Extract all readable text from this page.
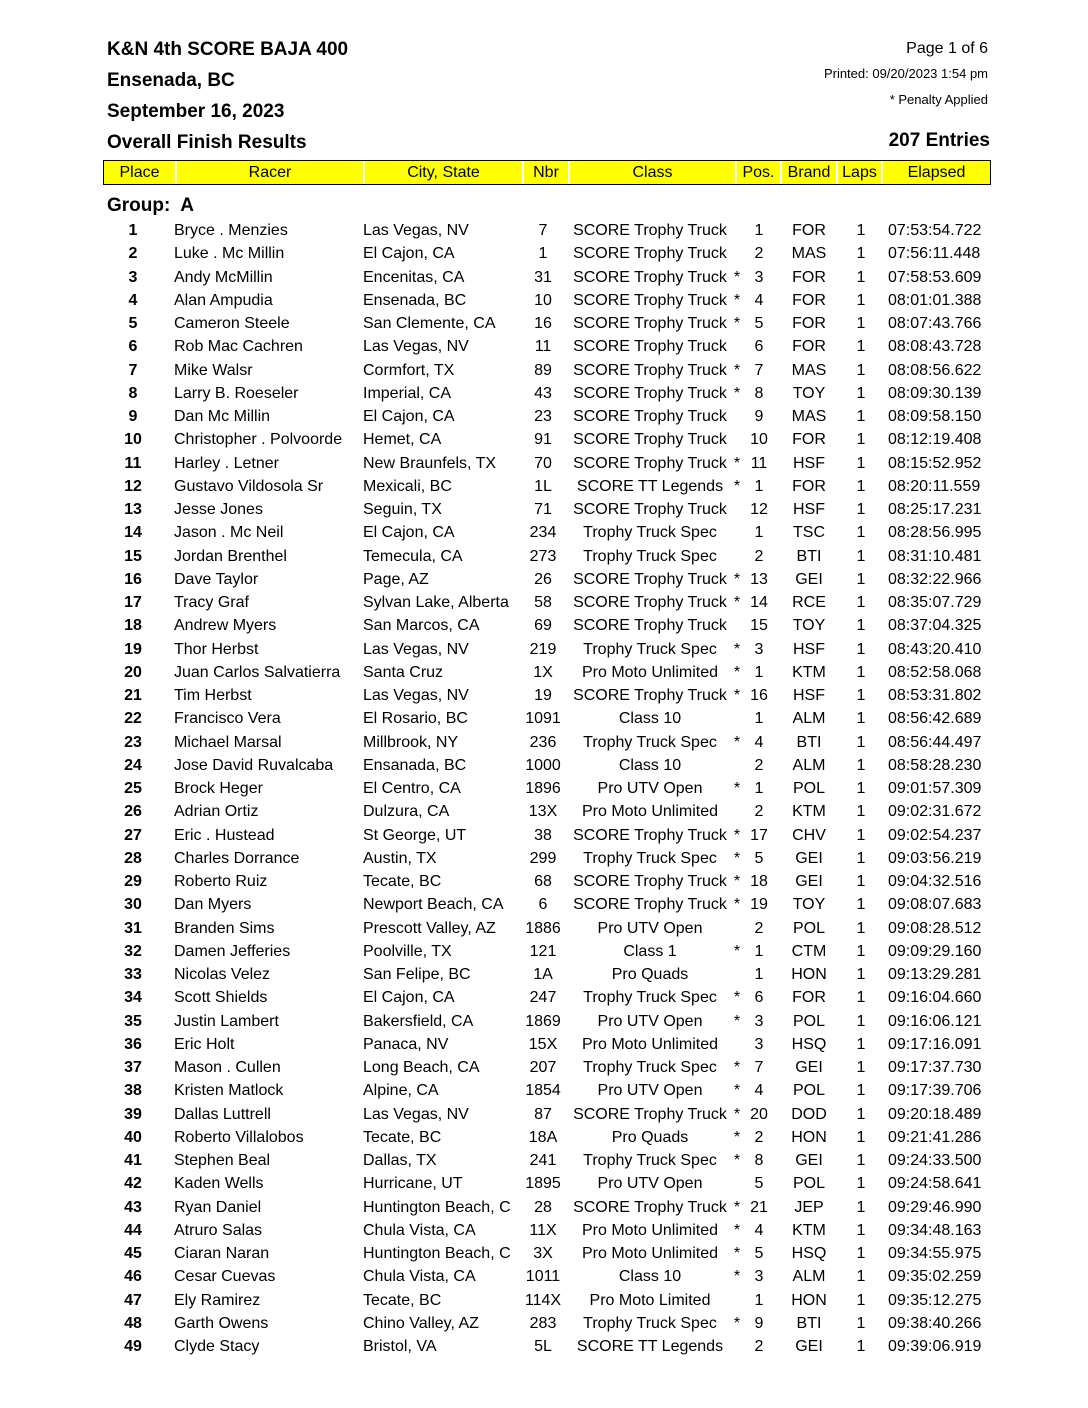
K&N 4th SCORE BAJA 400
Ensenada, BC
September 16, 2023
Overall Finish Results
Page 1 of 6
Printed: 09/20/2023 1:54 pm
* Penalty Applied
207 Entries
Place	Racer	City, State	Nbr	Class	Pos. Brand Laps	Elapsed
Group: A
1	Bryce . Menzies	Las Vegas, NV	7	SCORE Trophy Truck	1	FOR	1	07:53:54.722
2	Luke . Mc Millin	El Cajon, CA	1	SCORE Trophy Truck	2	MAS	1	07:56:11.448
3	Andy McMillin	Encenitas, CA	31	SCORE Trophy Truck * 3	FOR	1	07:58:53.609
4	Alan Ampudia	Ensenada, BC	10	SCORE Trophy Truck * 4	FOR	1	08:01:01.388
5	Cameron Steele	San Clemente, CA	16	SCORE Trophy Truck * 5	FOR	1	08:07:43.766
6	Rob Mac Cachren	Las Vegas, NV	11	SCORE Trophy Truck	6	FOR	1	08:08:43.728
7	Mike Walsr	Cormfort, TX	89	SCORE Trophy Truck * 7	MAS	1	08:08:56.622
8	Larry B. Roeseler	Imperial, CA	43	SCORE Trophy Truck * 8	TOY	1	08:09:30.139
9	Dan Mc Millin	El Cajon, CA	23	SCORE Trophy Truck	9	MAS	1	08:09:58.150
10	Christopher . Polvoorde	Hemet, CA	91	SCORE Trophy Truck	10	FOR	1	08:12:19.408
11	Harley . Letner	New Braunfels, TX	70	SCORE Trophy Truck * 11	HSF	1	08:15:52.952
12	Gustavo Vildosola Sr	Mexicali, BC	1L	SCORE TT Legends * 1	FOR	1	08:20:11.559
13	Jesse Jones	Seguin, TX	71	SCORE Trophy Truck	12	HSF	1	08:25:17.231
14	Jason . Mc Neil	El Cajon, CA	234	Trophy Truck Spec	1	TSC	1	08:28:56.995
15	Jordan Brenthel	Temecula, CA	273	Trophy Truck Spec	2	BTI	1	08:31:10.481
16	Dave Taylor	Page, AZ	26	SCORE Trophy Truck * 13	GEI	1	08:32:22.966
17	Tracy Graf	Sylvan Lake, Alberta	58	SCORE Trophy Truck * 14	RCE	1	08:35:07.729
18	Andrew Myers	San Marcos, CA	69	SCORE Trophy Truck	15	TOY	1	08:37:04.325
19	Thor Herbst	Las Vegas, NV	219	Trophy Truck Spec	* 3	HSF	1	08:43:20.410
20	Juan Carlos Salvatierra	Santa Cruz	1X	Pro Moto Unlimited * 1	KTM	1	08:52:58.068
21	Tim Herbst	Las Vegas, NV	19	SCORE Trophy Truck * 16	HSF	1	08:53:31.802
22	Francisco Vera	El Rosario, BC	1091	Class 10	1	ALM	1	08:56:42.689
23	Michael Marsal	Millbrook, NY	236	Trophy Truck Spec	* 4	BTI	1	08:56:44.497
24	Jose David Ruvalcaba	Ensanada, BC	1000	Class 10	2	ALM	1	08:58:28.230
25	Brock Heger	El Centro, CA	1896	Pro UTV Open	* 1	POL	1	09:01:57.309
26	Adrian Ortiz	Dulzura, CA	13X	Pro Moto Unlimited	2	KTM	1	09:02:31.672
27	Eric . Hustead	St George, UT	38	SCORE Trophy Truck * 17	CHV	1	09:02:54.237
28	Charles Dorrance	Austin, TX	299	Trophy Truck Spec	* 5	GEI	1	09:03:56.219
29	Roberto Ruiz	Tecate, BC	68	SCORE Trophy Truck * 18	GEI	1	09:04:32.516
30	Dan Myers	Newport Beach, CA	6	SCORE Trophy Truck * 19	TOY	1	09:08:07.683
31	Branden Sims	Prescott Valley, AZ	1886	Pro UTV Open	2	POL	1	09:08:28.512
32	Damen Jefferies	Poolville, TX	121	Class 1	* 1	CTM	1	09:09:29.160
33	Nicolas Velez	San Felipe, BC	1A	Pro Quads	1	HON	1	09:13:29.281
34	Scott Shields	El Cajon, CA	247	Trophy Truck Spec	* 6	FOR	1	09:16:04.660
35	Justin Lambert	Bakersfield, CA	1869	Pro UTV Open	* 3	POL	1	09:16:06.121
36	Eric Holt	Panaca, NV	15X	Pro Moto Unlimited	3	HSQ	1	09:17:16.091
37	Mason . Cullen	Long Beach, CA	207	Trophy Truck Spec	* 7	GEI	1	09:17:37.730
38	Kristen Matlock	Alpine, CA	1854	Pro UTV Open	* 4	POL	1	09:17:39.706
39	Dallas Luttrell	Las Vegas, NV	87	SCORE Trophy Truck * 20	DOD	1	09:20:18.489
40	Roberto Villalobos	Tecate, BC	18A	Pro Quads	* 2	HON	1	09:21:41.286
41	Stephen Beal	Dallas, TX	241	Trophy Truck Spec	* 8	GEI	1	09:24:33.500
42	Kaden Wells	Hurricane, UT	1895	Pro UTV Open	5	POL	1	09:24:58.641
43	Ryan Daniel	Huntington Beach, C	28	SCORE Trophy Truck * 21	JEP	1	09:29:46.990
44	Atruro Salas	Chula Vista, CA	11X	Pro Moto Unlimited * 4	KTM	1	09:34:48.163
45	Ciaran Naran	Huntington Beach, C	3X	Pro Moto Unlimited * 5	HSQ	1	09:34:55.975
46	Cesar Cuevas	Chula Vista, CA	1011	Class 10	* 3	ALM	1	09:35:02.259
47	Ely Ramirez	Tecate, BC	114X	Pro Moto Limited	1	HON	1	09:35:12.275
48	Garth Owens	Chino Valley, AZ	283	Trophy Truck Spec	* 9	BTI	1	09:38:40.266
49	Clyde Stacy	Bristol, VA	5L	SCORE TT Legends	2	GEI	1	09:39:06.919
